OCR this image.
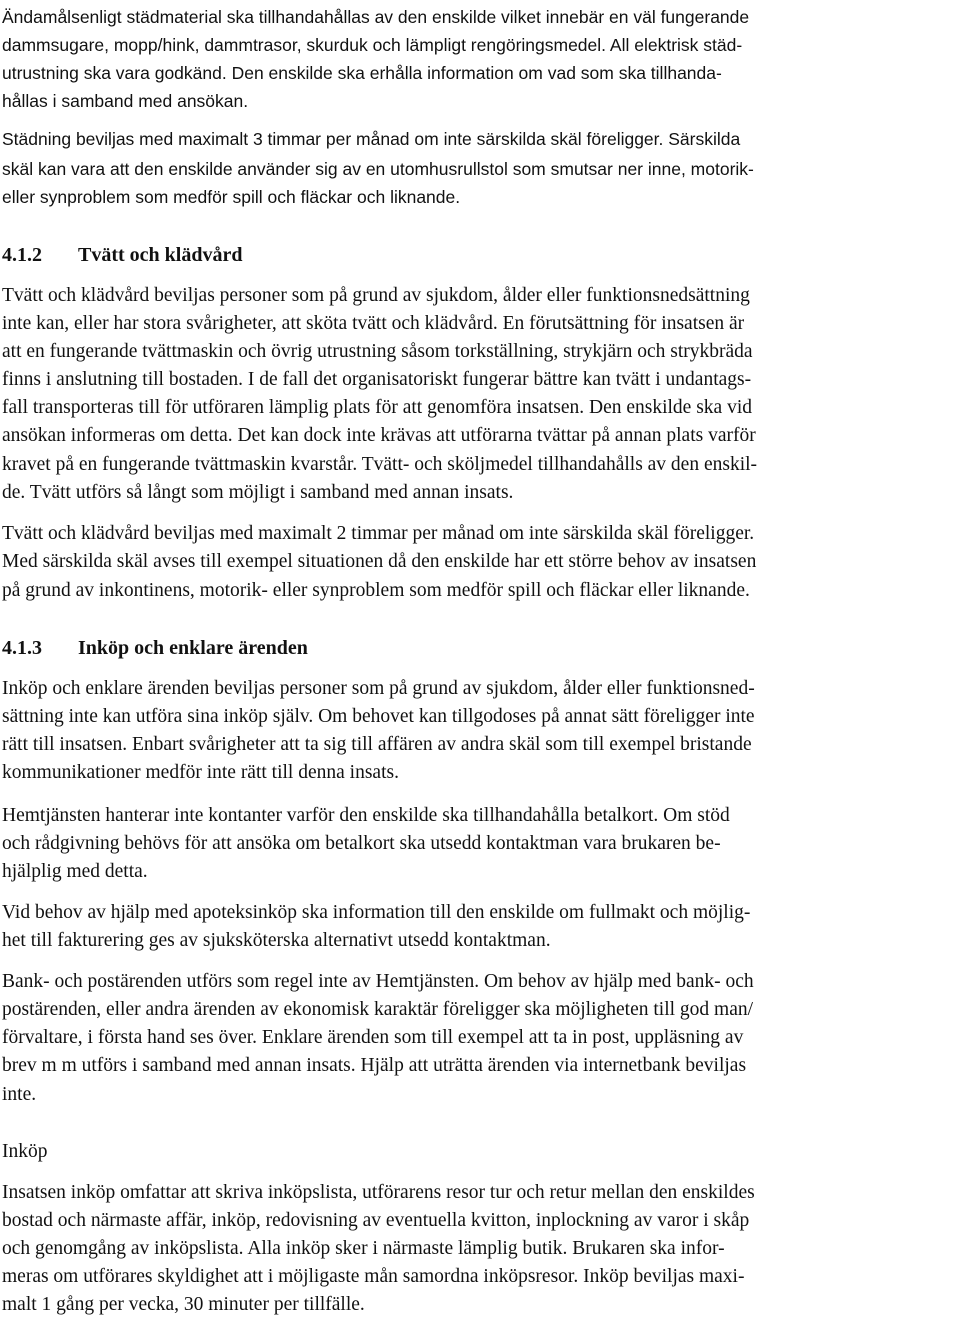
Ändamålsenligt städmaterial ska tillhandahållas av den enskilde vilket innebär en väl fungerande

dammsugare, mopp/hink, dammtrasor, skurduk och lämpligt rengöringsmedel. All elektrisk städ-

utrustning ska vara godkänd. Den enskilde ska erhålla information om vad som ska tillhanda-

hållas i samband med ansökan.

Städning beviljas med maximalt 3 timmar per månad om inte särskilda skäl föreligger. Särskilda

skäl kan vara att den enskilde använder sig av en utomhusrullstol som smutsar ner inne, motorik-

eller synproblem som medför spill och fläckar och liknande.

4.1.2 Tvätt och klädvård

Tvätt och klädvård beviljas personer som på grund av sjukdom, ålder eller funktionsnedsättning

inte kan, eller har stora svårigheter, att sköta tvätt och klädvård. En förutsättning för insatsen är

att en fungerande tvättmaskin och övrig utrustning såsom torkställning, strykjärn och strykbräda

finns i anslutning till bostaden. I de fall det organisatoriskt fungerar bättre kan tvätt i undantags-

fall transporteras till för utföraren lämplig plats för att genomföra insatsen. Den enskilde ska vid

ansökan informeras om detta. Det kan dock inte krävas att utförarna tvättar på annan plats varför

kravet på en fungerande tvättmaskin kvarstår. Tvätt- och sköljmedel tillhandahålls av den enskil-

de. Tvätt utförs så långt som möjligt i samband med annan insats.

Tvätt och klädvård beviljas med maximalt 2 timmar per månad om inte särskilda skäl föreligger.

Med särskilda skäl avses till exempel situationen då den enskilde har ett större behov av insatsen

på grund av inkontinens, motorik- eller synproblem som medför spill och fläckar eller liknande.

4.1.3 Inköp och enklare ärenden

Inköp och enklare ärenden beviljas personer som på grund av sjukdom, ålder eller funktionsned-

sättning inte kan utföra sina inköp själv. Om behovet kan tillgodoses på annat sätt föreligger inte

rätt till insatsen. Enbart svårigheter att ta sig till affären av andra skäl som till exempel bristande

kommunikationer medför inte rätt till denna insats.

Hemtjänsten hanterar inte kontanter varför den enskilde ska tillhandahålla betalkort. Om stöd

och rådgivning behövs för att ansöka om betalkort ska utsedd kontaktman vara brukaren be-

hjälplig med detta.

Vid behov av hjälp med apoteksinköp ska information till den enskilde om fullmakt och möjlig-

het till fakturering ges av sjuksköterska alternativt utsedd kontaktman.

Bank- och postärenden utförs som regel inte av Hemtjänsten. Om behov av hjälp med bank- och

postärenden, eller andra ärenden av ekonomisk karaktär föreligger ska möjligheten till god man/

förvaltare, i första hand ses över. Enklare ärenden som till exempel att ta in post, uppläsning av

brev m m utförs i samband med annan insats. Hjälp att uträtta ärenden via internetbank beviljas

inte.

Inköp

Insatsen inköp omfattar att skriva inköpslista, utförarens resor tur och retur mellan den enskildes

bostad och närmaste affär, inköp, redovisning av eventuella kvitton, inplockning av varor i skåp

och genomgång av inköpslista. Alla inköp sker i närmaste lämplig butik. Brukaren ska infor-

meras om utförares skyldighet att i möjligaste mån samordna inköpsresor. Inköp beviljas maxi-

malt 1 gång per vecka, 30 minuter per tillfälle.
